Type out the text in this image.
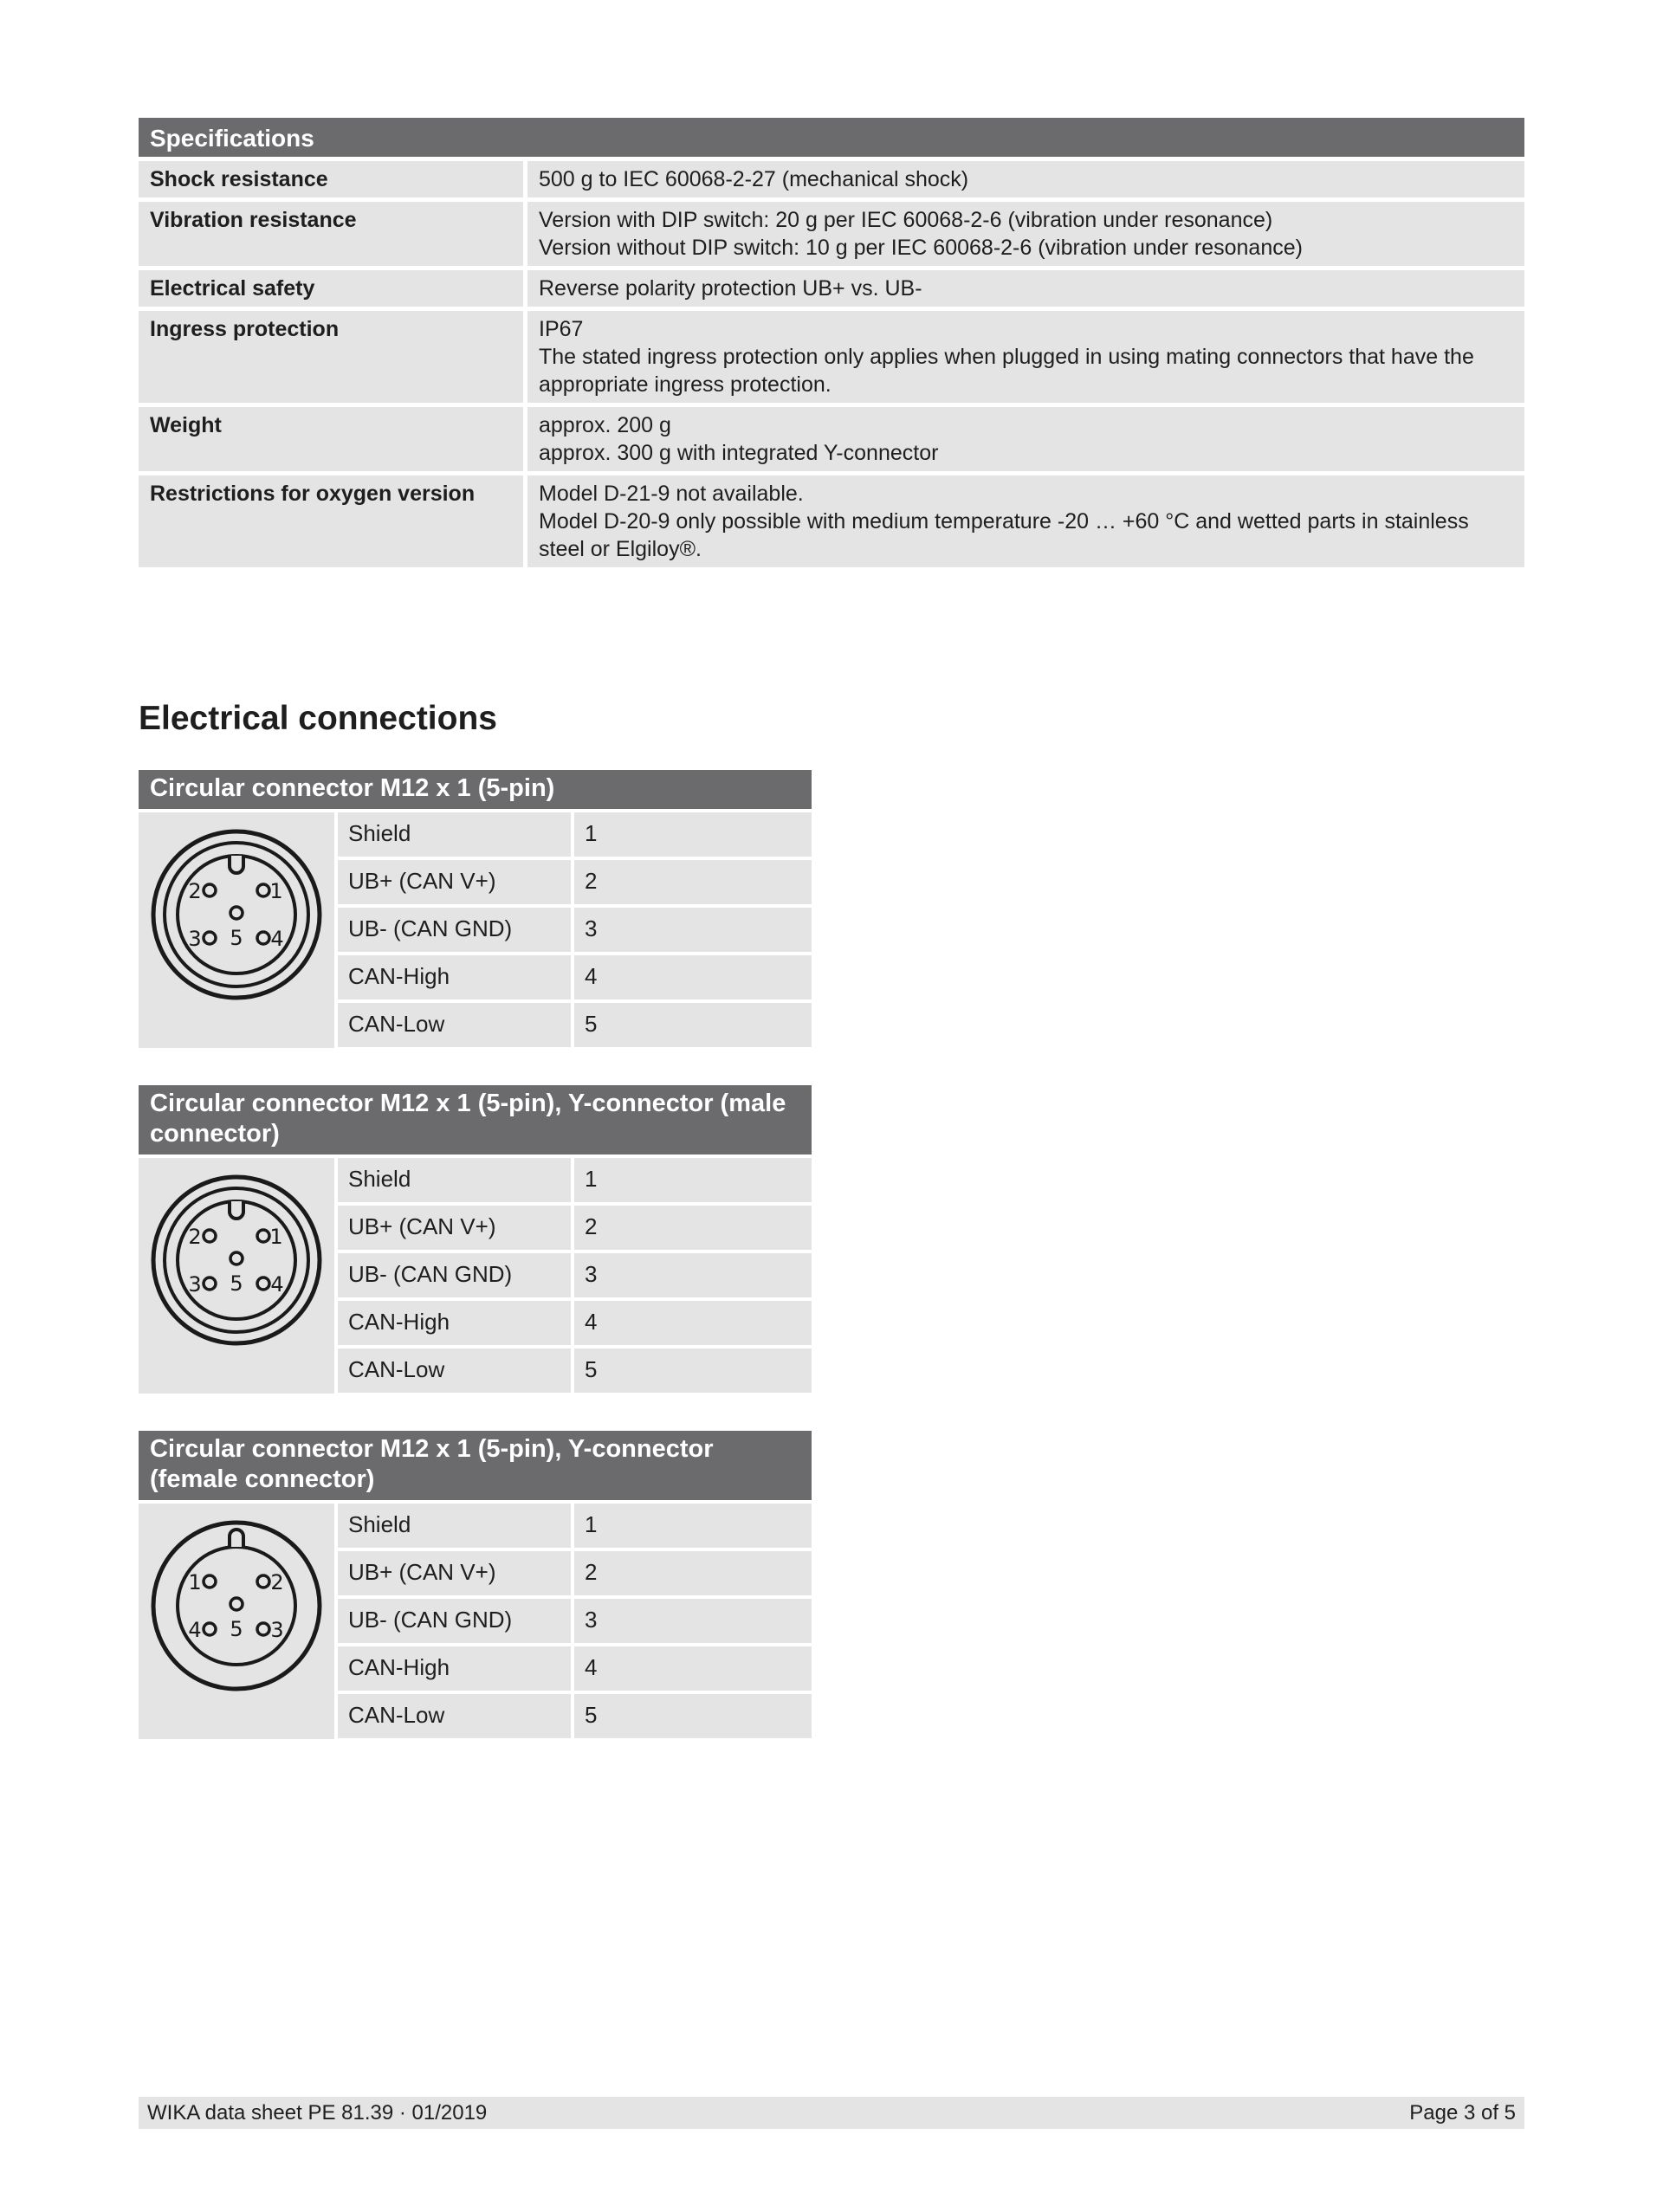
Specifications
Shock resistance	500 g to IEC 60068-2-27 (mechanical shock)
Vibration resistance	Version with DIP switch: 20 g per IEC 60068-2-6 (vibration under resonance)
Version without DIP switch: 10 g per IEC 60068-2-6 (vibration under resonance)
Electrical safety	Reverse polarity protection UB+ vs. UB-
Ingress protection	IP67
The stated ingress protection only applies when plugged in using mating connectors that have the appropriate ingress protection.
Weight	approx. 200 g
approx. 300 g with integrated Y-connector
Restrictions for oxygen version	Model D-21-9 not available.
Model D-20-9 only possible with medium temperature -20 … +60 °C and wetted parts in stainless steel or Elgiloy®.
Electrical connections
Circular connector M12 x 1 (5-pin)
2	1
5
3	4
Shield	1
UB+ (CAN V+)	2
UB- (CAN GND)	3
CAN-High	4
CAN-Low	5
Circular connector M12 x 1 (5-pin), Y-connector (male connector)
2	1
5
3	4
Shield	1
UB+ (CAN V+)	2
UB- (CAN GND)	3
CAN-High	4
CAN-Low	5
Circular connector M12 x 1 (5-pin), Y-connector (female connector)
1	2
5
4	3
Shield	1
UB+ (CAN V+)	2
UB- (CAN GND)	3
CAN-High	4
CAN-Low	5
WIKA data sheet PE 81.39 · 01/2019	Page 3 of 5
